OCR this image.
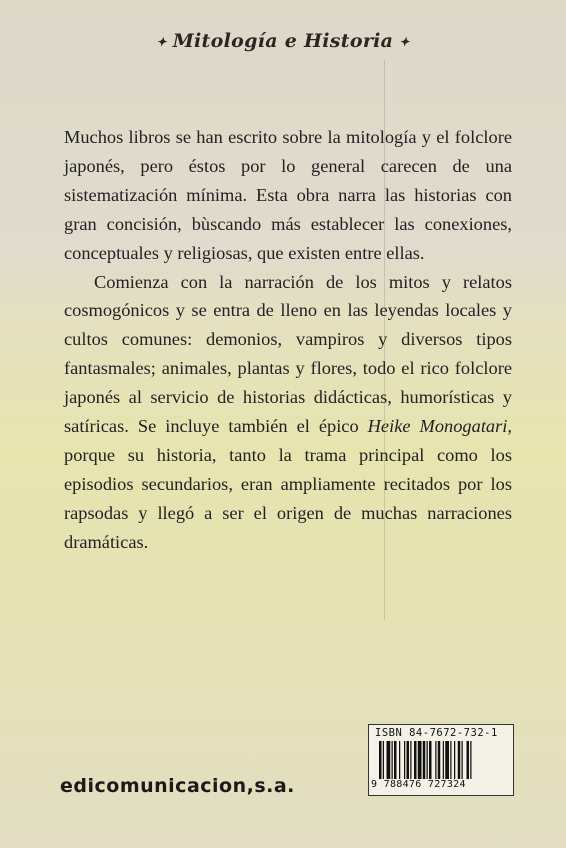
✦ Mitología e Historia ✦

Muchos libros se han escrito sobre la mitología y el folclore japonés, pero éstos por lo general carecen de una sistematización mínima. Esta obra narra las historias con gran concisión, bùscando más establecer las conexiones, conceptuales y religiosas, que existen entre ellas.

Comienza con la narración de los mitos y relatos cosmogónicos y se entra de lleno en las leyendas locales y cultos comunes: demonios, vampiros y diversos tipos fantasmales; animales, plantas y flores, todo el rico folclore japonés al servicio de historias didácticas, humorísticas y satíricas. Se incluye también el épico Heike Monogatari, porque su historia, tanto la trama principal como los episodios secundarios, eran ampliamente recitados por los rapsodas y llegó a ser el origen de muchas narraciones dramáticas.

edicomunicacion,s.a.
ISBN 84-7672-732-1
9 788476 727324
